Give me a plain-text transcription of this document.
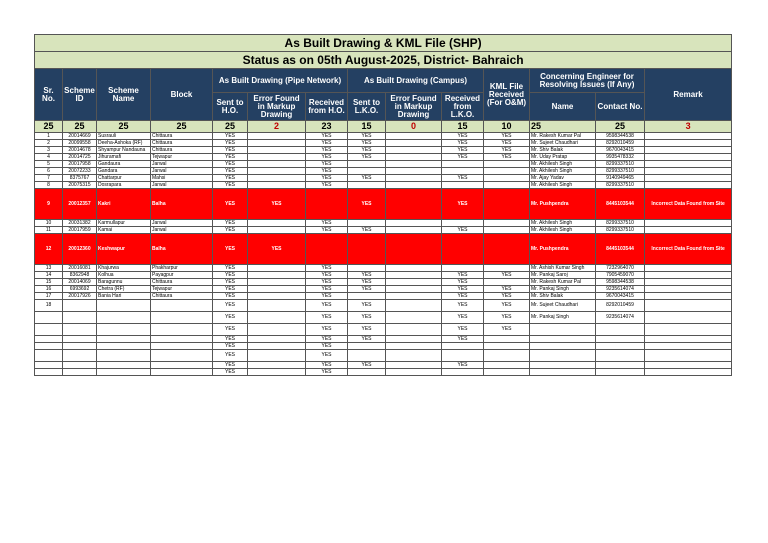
As Built Drawing & KML File (SHP)													
Status as on 05th August-2025, District- Bahraich													
Sr. No.	Scheme ID	Scheme Name	Block	As Built Drawing (Pipe Network)			As Built Drawing (Campus)			KML File Received (For O&M)	Concerning Engineer for Resolving Issues (If Any)		Remark
				Sent to H.O.	Error Found in Markup Drawing	Received from H.O.	Sent to L.K.O.	Error Found in Markup Drawing	Received from L.K.O.		Name	Contact No.	
25	25	25	25	25	2	23	15	0	15	10	25	25	3
1	20014669	Susrauli	Chittaura	YES		YES	YES		YES	YES	Mr. Rakesh Kumar Pal	9598344538	
2	20099558	Deeha-Ashoka (RF)	Chittaura	YES		YES	YES		YES	YES	Mr. Sujeet Chaudhari	8292010459	
3	20014678	Shyampur Nandauna	Chittaura	YES		YES	YES		YES	YES	Mr. Shiv Balak	9670043415	
4	20014725	Jihuramafi	Tejwapur	YES		YES	YES		YES	YES	Mr. Uday Pratap	9935478332	
5	20017958	Gandaura	Jarwal	YES		YES					Mr. Akhilesh Singh	8299337510	
6	20072233	Gandara	Jarwal	YES		YES					Mr. Akhilesh Singh	8299337510	
7	8375767	Chattarpur	Mahsi	YES		YES	YES		YES		Mr. Ajay Yadav	9140949465	
8	20075315	Dosrapara	Jarwal	YES		YES					Mr. Akhilesh Singh	8299337510	
9	20012357	Kakri	Balha	YES	YES		YES		YES		Mr. Pushpendra	8445103544	Incorrect Data Found from Site
10	20031382	Karmullapur	Jarwal	YES		YES					Mr. Akhilesh Singh	8299337510	
11	20017959	Kamai	Jarwal	YES		YES	YES		YES		Mr. Akhilesh Singh	8299337510	
12	20012360	Keshwapur	Balha	YES	YES						Mr. Pushpendra	8445103544	Incorrect Data Found from Site
13	20016081	Khajurwa	Phakharpur	YES		YES					Mr. Ashish Kumar Singh	7232964070	
14	8362948	Kolhua	Payagpur	YES		YES	YES		YES	YES	Mr. Pankaj Saroj	7905459070	
15	20014069	Baragunnu	Chittaura	YES		YES	YES		YES		Mr. Rakesh Kumar Pal	9598344538	
16	6993692	Chetra (RF)	Tejwapur	YES		YES	YES		YES	YES	Mr. Pankaj Singh	9235614074	
17	20017926	Bania Hari	Chittaura	YES		YES			YES	YES	Mr. Shiv Balak	9670043415	
18				YES		YES	YES		YES	YES	Mr. Sujeet Chaudhari	8292010459	
				YES		YES	YES		YES	YES	Mr. Pankaj Singh	9235614074	
				YES		YES	YES		YES	YES			
				YES		YES	YES		YES				
				YES		YES							
				YES		YES							
				YES		YES	YES		YES				
				YES		YES							
